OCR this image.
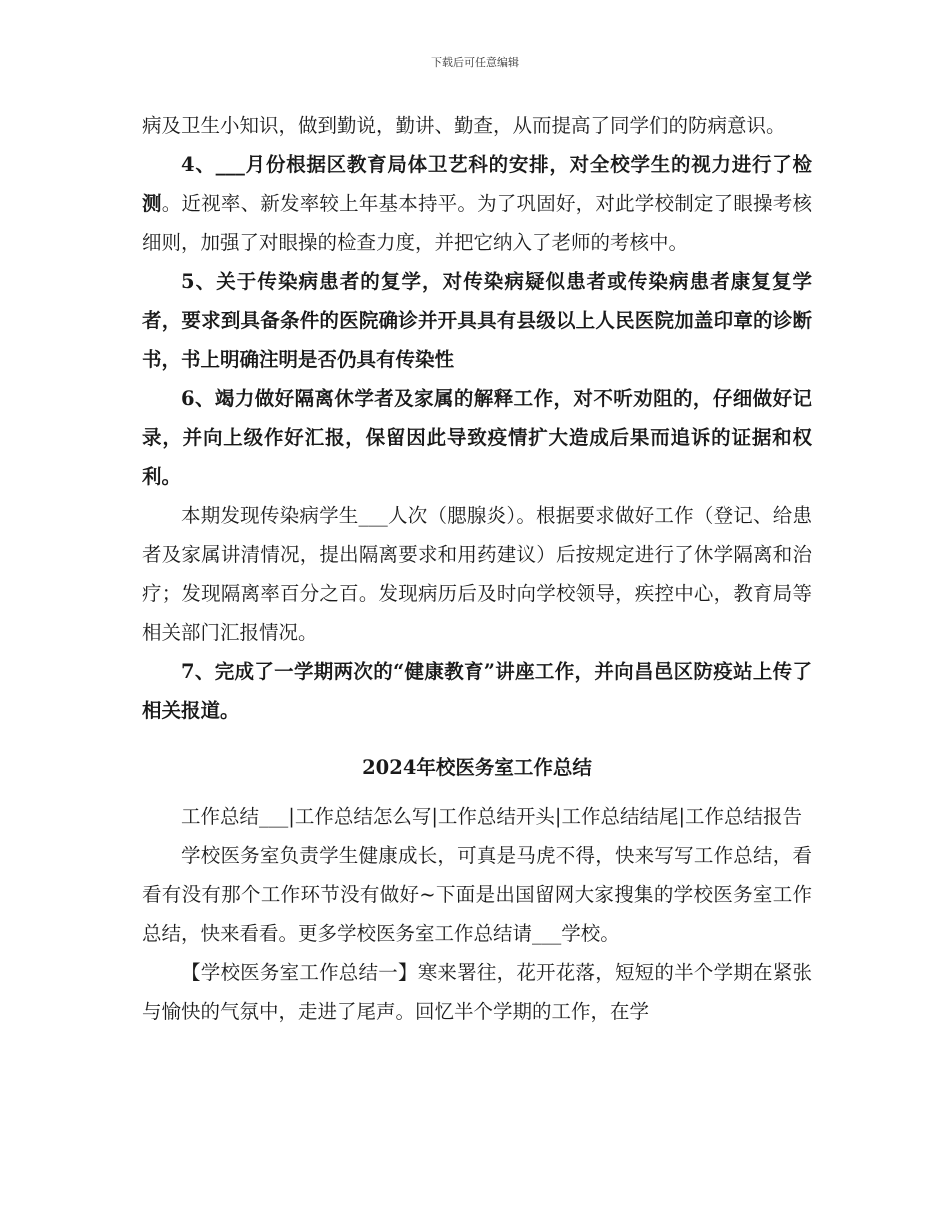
下载后可任意编辑

病及卫生小知识，做到勤说，勤讲、勤查，从而提高了同学们的防病意识。

4、___月份根据区教育局体卫艺科的安排，对全校学生的视力进行了检测。近视率、新发率较上年基本持平。为了巩固好，对此学校制定了眼操考核细则，加强了对眼操的检查力度，并把它纳入了老师的考核中。

5、关于传染病患者的复学，对传染病疑似患者或传染病患者康复复学者，要求到具备条件的医院确诊并开具具有县级以上人民医院加盖印章的诊断书，书上明确注明是否仍具有传染性

6、竭力做好隔离休学者及家属的解释工作，对不听劝阻的，仔细做好记录，并向上级作好汇报，保留因此导致疫情扩大造成后果而追诉的证据和权利。

本期发现传染病学生___人次（腮腺炎）。根据要求做好工作（登记、给患者及家属讲清情况，提出隔离要求和用药建议）后按规定进行了休学隔离和治疗；发现隔离率百分之百。发现病历后及时向学校领导，疾控中心，教育局等相关部门汇报情况。

7、完成了一学期两次的“健康教育”讲座工作，并向昌邑区防疫站上传了相关报道。

2024年校医务室工作总结

工作总结___|工作总结怎么写|工作总结开头|工作总结结尾|工作总结报告

学校医务室负责学生健康成长，可真是马虎不得，快来写写工作总结，看看有没有那个工作环节没有做好~下面是出国留网大家搜集的学校医务室工作总结，快来看看。更多学校医务室工作总结请___学校。

【学校医务室工作总结一】寒来署往，花开花落，短短的半个学期在紧张与愉快的气氛中，走进了尾声。回忆半个学期的工作，在学
